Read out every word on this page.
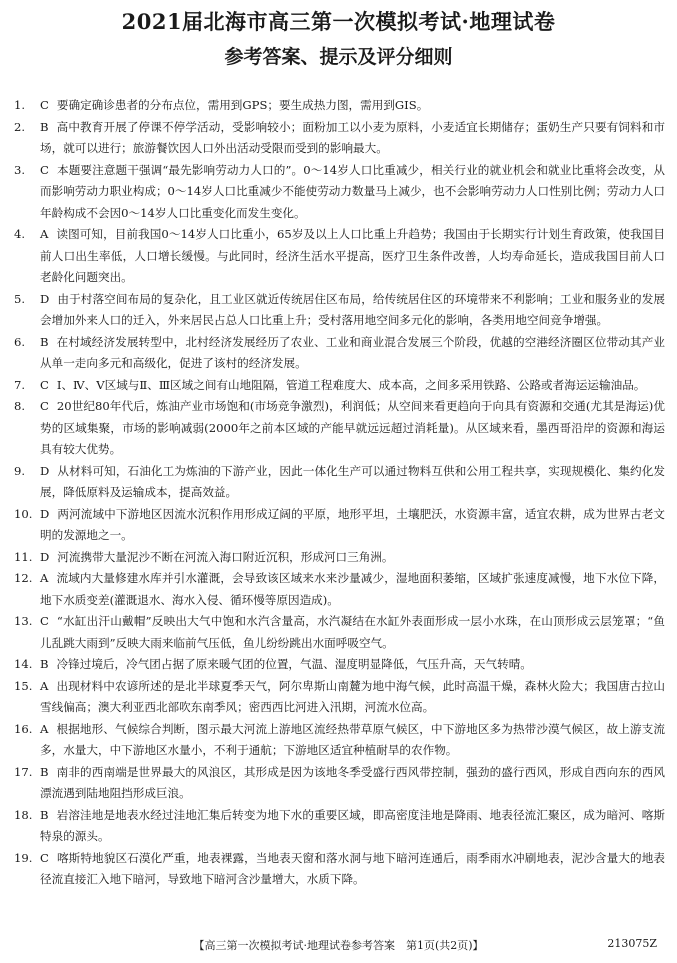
2021届北海市高三第一次模拟考试·地理试卷
参考答案、提示及评分细则
1. C 要确定确诊患者的分布点位，需用到GPS；要生成热力图，需用到GIS。
2. B 高中教育开展了停课不停学活动，受影响较小；面粉加工以小麦为原料，小麦适宜长期储存；蛋奶生产只要有饲料和市场，就可以进行；旅游餐饮因人口外出活动受限而受到的影响最大。
3. C 本题要注意题干强调“最先影响劳动力人口的”。0～14岁人口比重减少，相关行业的就业机会和就业比重将会改变，从而影响劳动力职业构成；0～14岁人口比重减少不能使劳动力数量马上减少，也不会影响劳动力人口性别比例；劳动力人口年龄构成不会因0～14岁人口比重变化而发生变化。
4. A 读图可知，目前我国0～14岁人口比重小，65岁及以上人口比重上升趋势；我国由于长期实行计划生育政策，使我国目前人口出生率低，人口增长缓慢。与此同时，经济生活水平提高，医疗卫生条件改善，人均寿命延长，造成我国目前人口老龄化问题突出。
5. D 由于村落空间布局的复杂化，且工业区就近传统居住区布局，给传统居住区的环境带来不利影响；工业和服务业的发展会增加外来人口的迁入，外来居民占总人口比重上升；受村落用地空间多元化的影响，各类用地空间竞争增强。
6. B 在村域经济发展转型中，北村经济发展经历了农业、工业和商业混合发展三个阶段，优越的空港经济圈区位带动其产业从单一走向多元和高级化，促进了该村的经济发展。
7. C Ⅰ、Ⅳ、Ⅴ区域与Ⅱ、Ⅲ区域之间有山地阻隔，管道工程难度大、成本高，之间多采用铁路、公路或者海运运输油品。
8. C 20世纪80年代后，炼油产业市场饱和(市场竞争激烈)，利润低；从空间来看更趋向于向具有资源和交通(尤其是海运)优势的区域集聚，市场的影响减弱(2000年之前本区域的产能早就远远超过消耗量)。从区域来看，墨西哥沿岸的资源和海运具有较大优势。
9. D 从材料可知，石油化工为炼油的下游产业，因此一体化生产可以通过物料互供和公用工程共享，实现规模化、集约化发展，降低原料及运输成本，提高效益。
10. D 两河流域中下游地区因流水沉积作用形成辽阔的平原，地形平坦，土壤肥沃，水资源丰富，适宜农耕，成为世界古老文明的发源地之一。
11. D 河流携带大量泥沙不断在河流入海口附近沉积，形成河口三角洲。
12. A 流域内大量修建水库并引水灌溉，会导致该区域来水来沙量减少，湿地面积萎缩，区域扩张速度减慢，地下水位下降，地下水质变差(灌溉退水、海水入侵、循环慢等原因造成)。
13. C “水缸出汗山戴帽”反映出大气中饱和水汽含量高，水汽凝结在水缸外表面形成一层小水珠，在山顶形成云层笼罩；“鱼儿乱跳大雨到”反映大雨来临前气压低，鱼儿纷纷跳出水面呼吸空气。
14. B 冷锋过境后，冷气团占据了原来暖气团的位置，气温、湿度明显降低，气压升高，天气转晴。
15. A 出现材料中农谚所述的是北半球夏季天气，阿尔卑斯山南麓为地中海气候，此时高温干燥，森林火险大；我国唐古拉山雪线偏高；澳大利亚西北部吹东南季风；密西西比河进入汛期，河流水位高。
16. A 根据地形、气候综合判断，图示最大河流上游地区流经热带草原气候区，中下游地区多为热带沙漠气候区，故上游支流多，水量大，中下游地区水量小，不利于通航；下游地区适宜种植耐旱的农作物。
17. B 南非的西南端是世界最大的风浪区，其形成是因为该地冬季受盛行西风带控制，强劲的盛行西风，形成自西向东的西风漂流遇到陆地阻挡形成巨浪。
18. B 岩溶洼地是地表水经过洼地汇集后转变为地下水的重要区域，即高密度洼地是降雨、地表径流汇聚区，成为暗河、喀斯特泉的源头。
19. C 喀斯特地貌区石漠化严重，地表裸露，当地表天窗和落水洞与地下暗河连通后，雨季雨水冲刷地表，泥沙含量大的地表径流直接汇入地下暗河，导致地下暗河含沙量增大，水质下降。
【高三第一次模拟考试·地理试卷参考答案　第1页(共2页)】	213075Z
